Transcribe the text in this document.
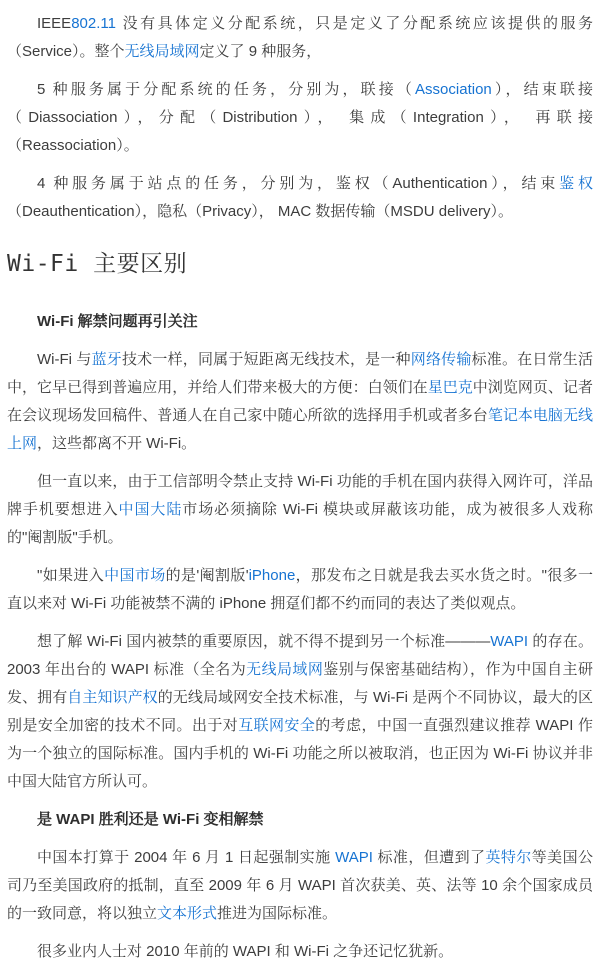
IEEE802.11 没有具体定义分配系统，只是定义了分配系统应该提供的服务（Service）。整个无线局域网定义了 9 种服务，

5 种服务属于分配系统的任务，分别为，联接（Association），结束联接（Diassociation），分配（Distribution）， 集成（Integration）， 再联接（Reassociation）。

4 种服务属于站点的任务，分别为，鉴权（Authentication），结束鉴权（Deauthentication），隐私（Privacy）， MAC 数据传输（MSDU delivery）。

Wi-Fi 主要区别

Wi-Fi 解禁问题再引关注

Wi-Fi 与蓝牙技术一样，同属于短距离无线技术，是一种网络传输标准。在日常生活中，它早已得到普遍应用，并给人们带来极大的方便：白领们在星巴克中浏览网页、记者在会议现场发回稿件、普通人在自己家中随心所欲的选择用手机或者多台笔记本电脑无线上网，这些都离不开 Wi-Fi。

但一直以来，由于工信部明令禁止支持 Wi-Fi 功能的手机在国内获得入网许可，洋品牌手机要想进入中国大陆市场必须摘除 Wi-Fi 模块或屏蔽该功能，成为被很多人戏称的"阉割版"手机。

"如果进入中国市场的是'阉割版'iPhone，那发布之日就是我去买水货之时。"很多一直以来对 Wi-Fi 功能被禁不满的 iPhone 拥趸们都不约而同的表达了类似观点。

想了解 Wi-Fi 国内被禁的重要原因，就不得不提到另一个标准———WAPI 的存在。2003 年出台的 WAPI 标准（全名为无线局域网鉴别与保密基础结构），作为中国自主研发、拥有自主知识产权的无线局域网安全技术标准，与 Wi-Fi 是两个不同协议，最大的区别是安全加密的技术不同。出于对互联网安全的考虑，中国一直强烈建议推荐 WAPI 作为一个独立的国际标准。国内手机的 Wi-Fi 功能之所以被取消，也正因为 Wi-Fi 协议并非中国大陆官方所认可。

是 WAPI 胜利还是 Wi-Fi 变相解禁

中国本打算于 2004 年 6 月 1 日起强制实施 WAPI 标准，但遭到了英特尔等美国公司乃至美国政府的抵制，直至 2009 年 6 月 WAPI 首次获美、英、法等 10 余个国家成员的一致同意，将以独立文本形式推进为国际标准。

很多业内人士对 2010 年前的 WAPI 和 Wi-Fi 之争还记忆犹新。
